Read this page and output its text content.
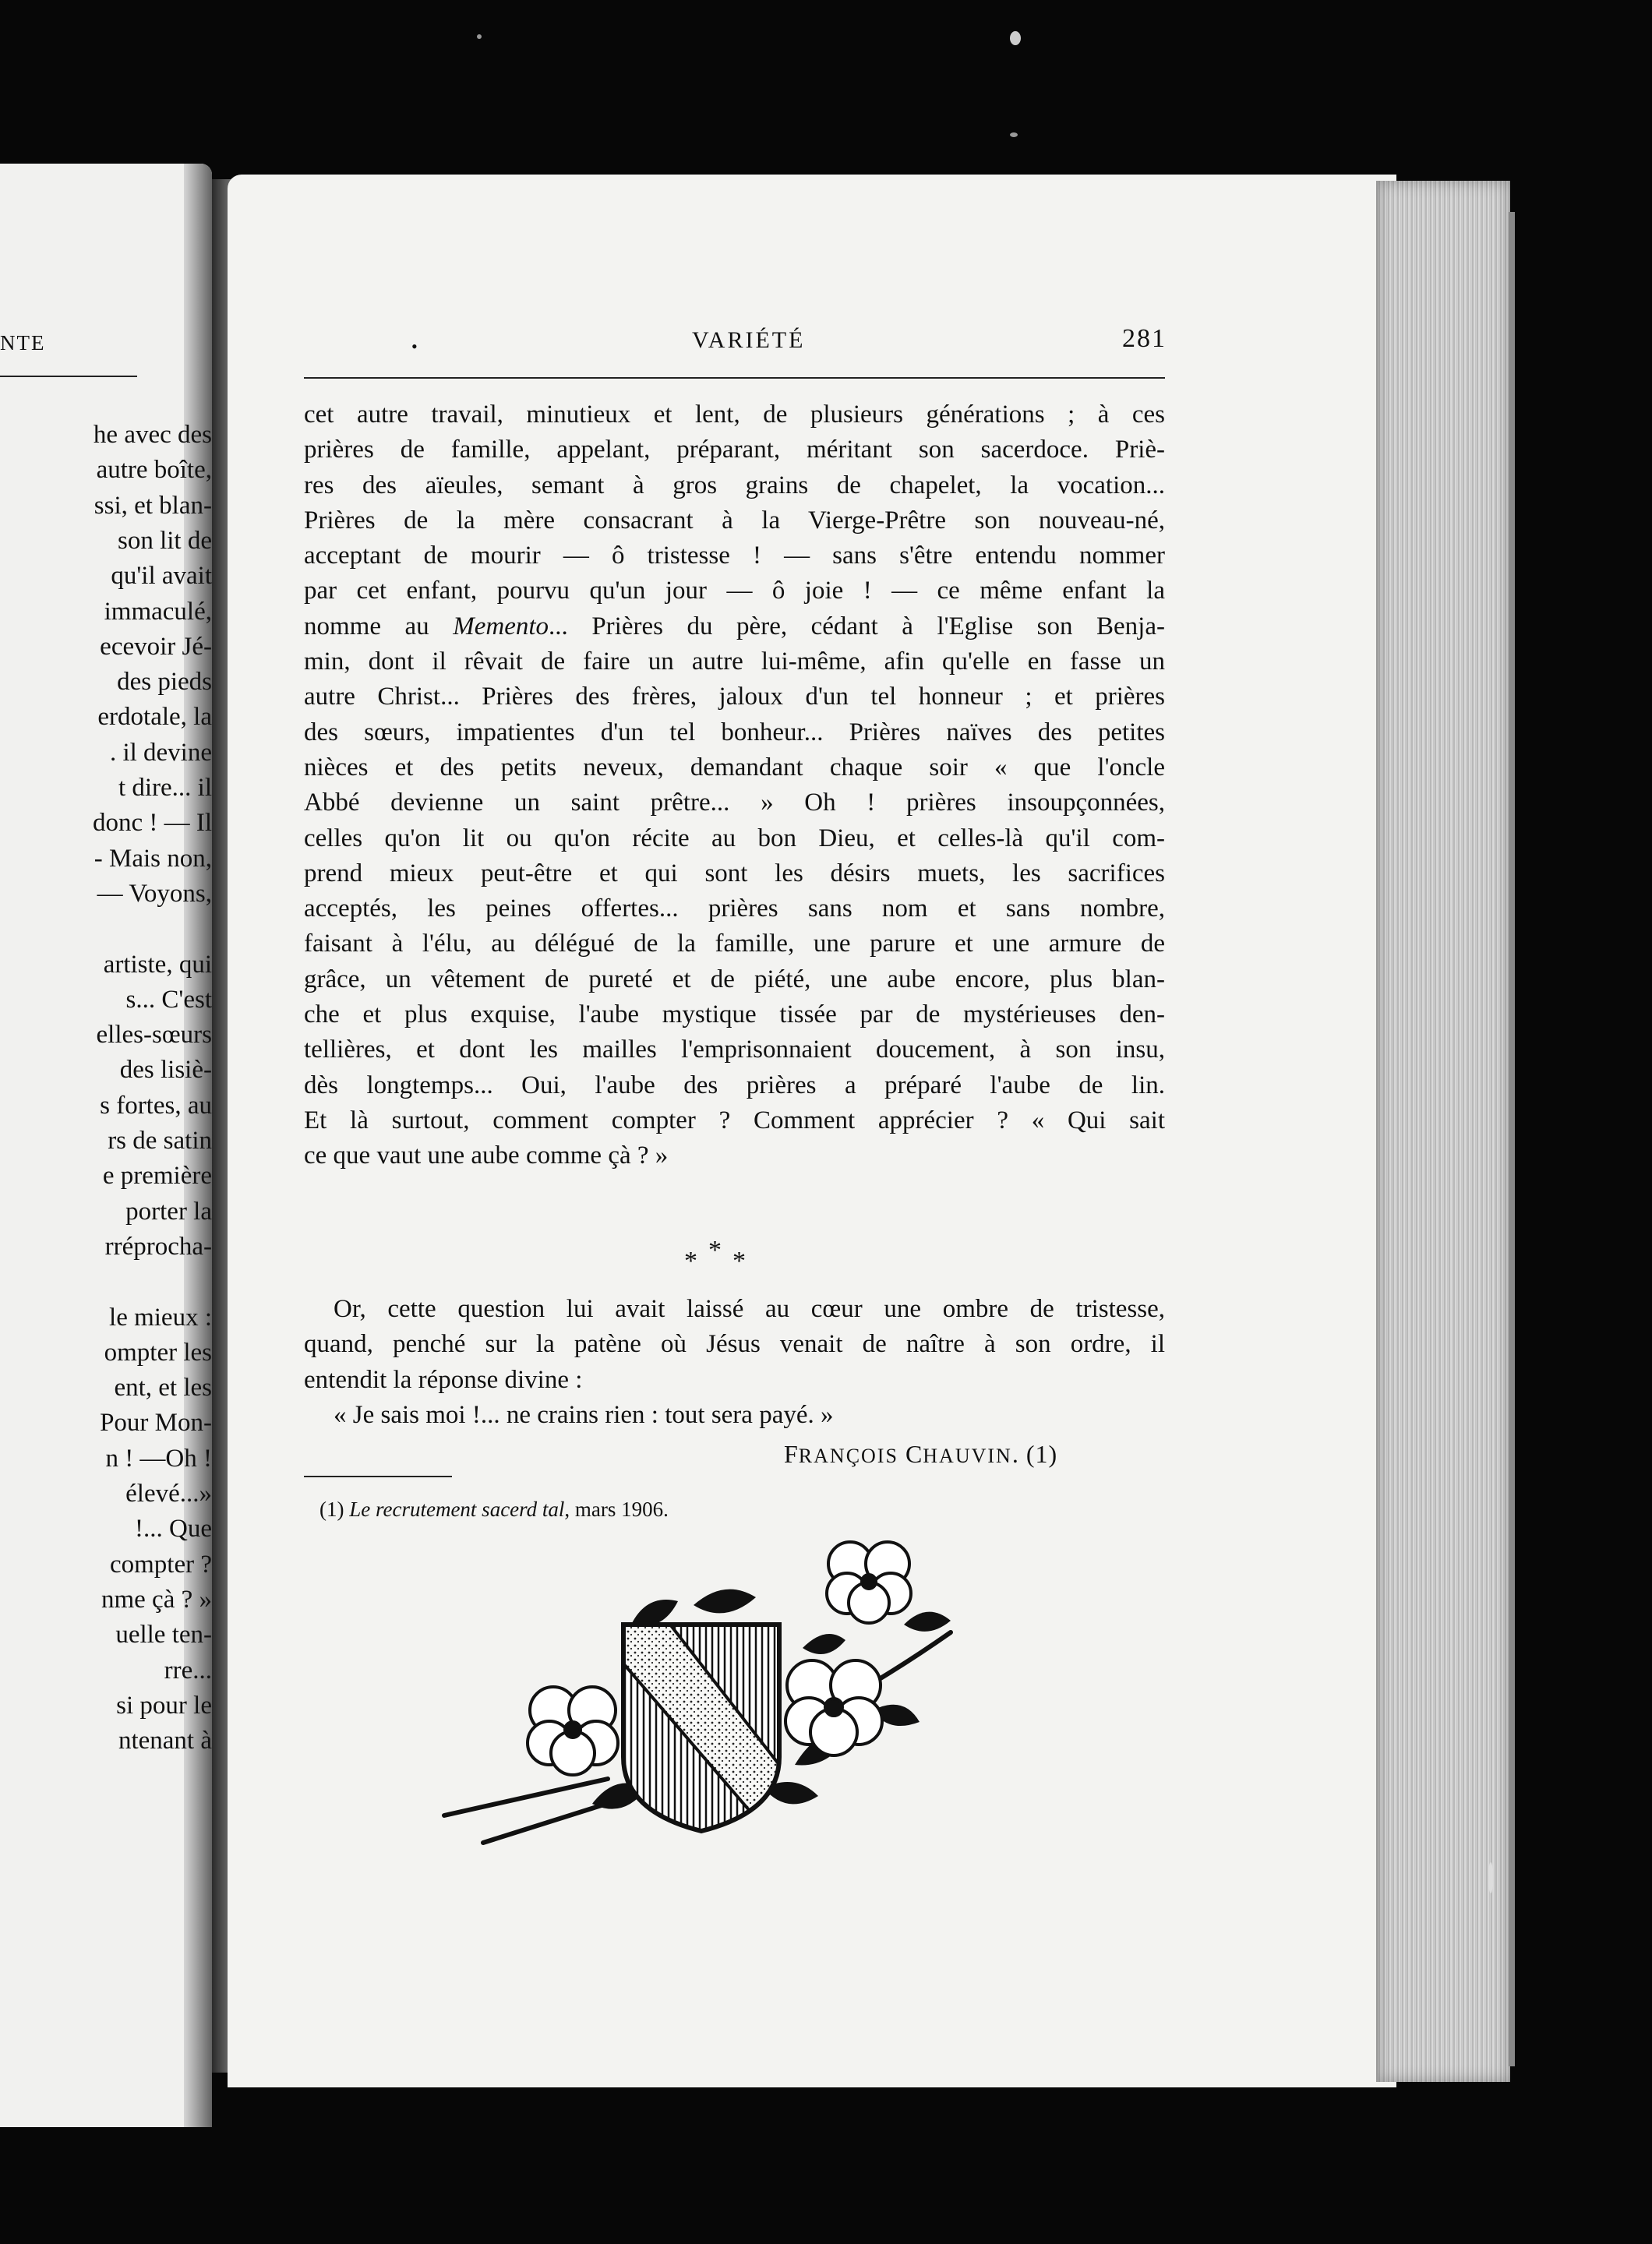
NTE
he avec des
autre boîte,
ssi, et blan-
son lit de
qu'il avait
immaculé,
ecevoir Jé-
des pieds
erdotale, la
. il devine
t dire... il
donc ! — Il
- Mais non,
— Voyons,
artiste, qui
s... C'est
elles-sœurs
des lisiè-
s fortes, au
rs de satin
e première
porter la
rréprocha-
le mieux :
ompter les
ent, et les
Pour Mon-
n ! —Oh !
élevé...»
!... Que
compter ?
nme çà ? »
uelle ten-
rre...
si pour le
ntenant à
•	VARIÉTÉ	281
cet autre travail, minutieux et lent, de plusieurs générations ; à ces
prières de famille, appelant, préparant, méritant son sacerdoce. Priè-
res des aïeules, semant à gros grains de chapelet, la vocation...
Prières de la mère consacrant à la Vierge-Prêtre son nouveau-né,
acceptant de mourir — ô tristesse ! — sans s'être entendu nommer
par cet enfant, pourvu qu'un jour — ô joie ! — ce même enfant la
nomme au Memento... Prières du père, cédant à l'Eglise son Benja-
min, dont il rêvait de faire un autre lui-même, afin qu'elle en fasse un
autre Christ... Prières des frères, jaloux d'un tel honneur ; et prières
des sœurs, impatientes d'un tel bonheur... Prières naïves des petites
nièces et des petits neveux, demandant chaque soir « que l'oncle
Abbé devienne un saint prêtre... » Oh ! prières insoupçonnées,
celles qu'on lit ou qu'on récite au bon Dieu, et celles-là qu'il com-
prend mieux peut-être et qui sont les désirs muets, les sacrifices
acceptés, les peines offertes... prières sans nom et sans nombre,
faisant à l'élu, au délégué de la famille, une parure et une armure de
grâce, un vêtement de pureté et de piété, une aube encore, plus blan-
che et plus exquise, l'aube mystique tissée par de mystérieuses den-
tellières, et dont les mailles l'emprisonnaient doucement, à son insu,
dès longtemps... Oui, l'aube des prières a préparé l'aube de lin.
Et là surtout, comment compter ? Comment apprécier ? « Qui sait
ce que vaut une aube comme çà ? »
***
Or, cette question lui avait laissé au cœur une ombre de tristesse,
quand, penché sur la patène où Jésus venait de naître à son ordre, il
entendit la réponse divine :
« Je sais moi !... ne crains rien : tout sera payé. »
FRANÇOIS CHAUVIN. (1)
(1) Le recrutement sacerd tal, mars 1906.
